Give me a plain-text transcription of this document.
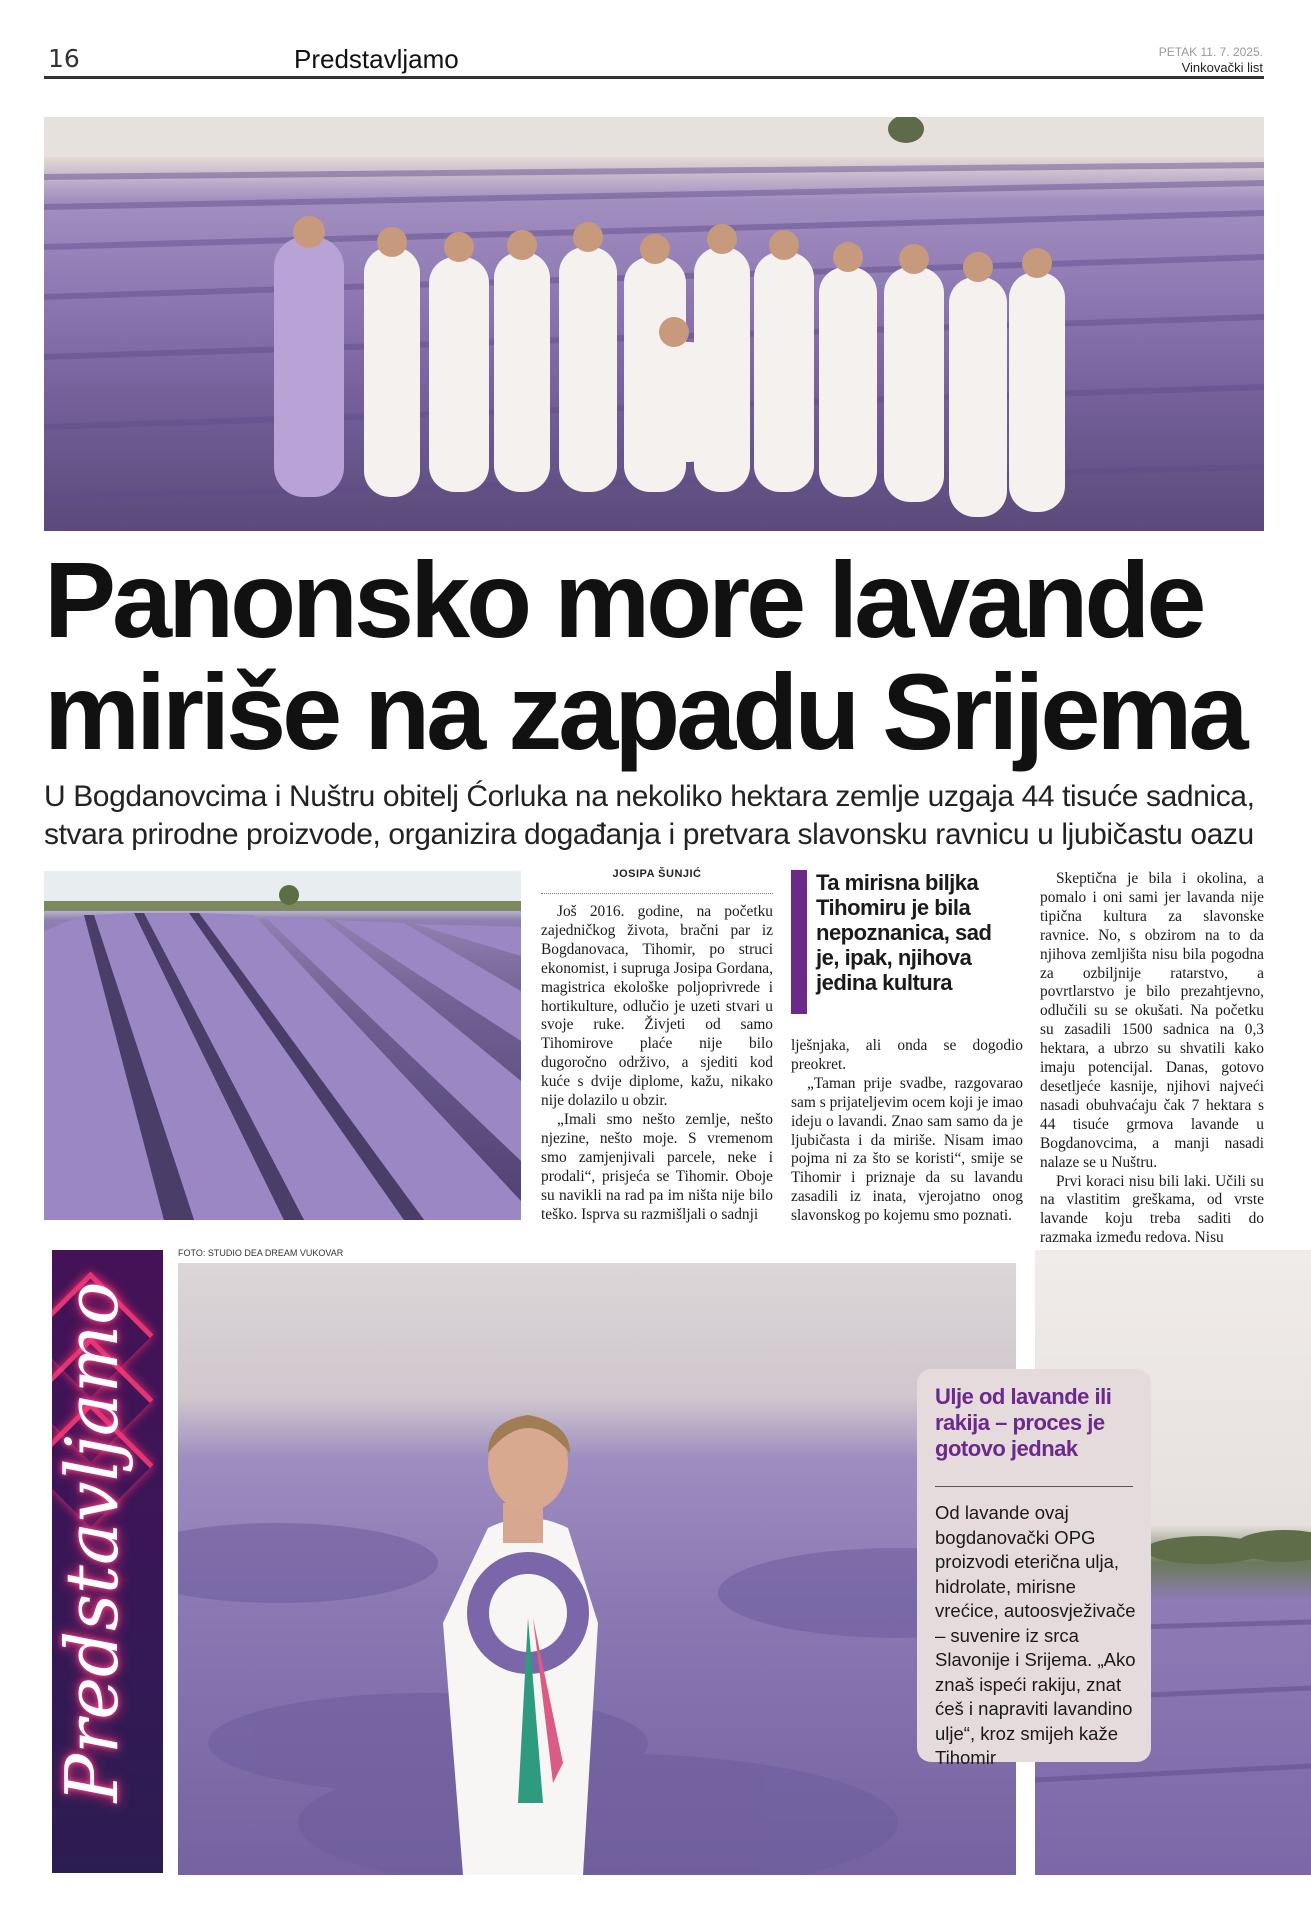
16	Predstavljamo	PETAK 11. 7. 2025.
Vinkovački list
Panonsko more lavande miriše na zapadu Srijema

U Bogdanovcima i Nuštru obitelj Ćorluka na nekoliko hektara zemlje uzgaja 44 tisuće sadnica, stvara prirodne proizvode, organizira događanja i pretvara slavonsku ravnicu u ljubičastu oazu

JOSIPA ŠUNJIĆ

Još 2016. godine, na početku zajedničkog života, bračni par iz Bogdanovaca, Tihomir, po struci ekonomist, i supruga Josipa Gordana, magistrica ekološke poljoprivrede i hortikulture, odlučio je uzeti stvari u svoje ruke. Živjeti od samo Tihomirove plaće nije bilo dugoročno održivo, a sjediti kod kuće s dvije diplome, kažu, nikako nije dolazilo u obzir.

„Imali smo nešto zemlje, nešto njezine, nešto moje. S vremenom smo zamjenjivali parcele, neke i prodali“, prisjeća se Tihomir. Oboje su navikli na rad pa im ništa nije bilo teško. Isprva su razmišljali o sadnji

Ta mirisna biljka Tihomiru je bila nepoznanica, sad je, ipak, njihova jedina kultura

lješnjaka, ali onda se dogodio preokret.

„Taman prije svadbe, razgovarao sam s prijateljevim ocem koji je imao ideju o lavandi. Znao sam samo da je ljubičasta i da miriše. Nisam imao pojma ni za što se koristi“, smije se Tihomir i priznaje da su lavandu zasadili iz inata, vjerojatno onog slavonskog po kojemu smo poznati.

Skeptična je bila i okolina, a pomalo i oni sami jer lavanda nije tipična kultura za slavonske ravnice. No, s obzirom na to da njihova zemljišta nisu bila pogodna za ozbiljnije ratarstvo, a povrtlarstvo je bilo prezahtjevno, odlučili su se okušati. Na početku su zasadili 1500 sadnica na 0,3 hektara, a ubrzo su shvatili kako imaju potencijal. Danas, gotovo desetljeće kasnije, njihovi najveći nasadi obuhvaćaju čak 7 hektara s 44 tisuće grmova lavande u Bogdanovcima, a manji nasadi nalaze se u Nuštru.

Prvi koraci nisu bili laki. Učili su na vlastitim greškama, od vrste lavande koju treba saditi do razmaka između redova. Nisu

FOTO: STUDIO DEA DREAM VUKOVAR
Predstavljamo	Ulje od lavande ili rakija – proces je gotovo jednak

Od lavande ovaj bogdanovački OPG proizvodi eterična ulja, hidrolate, mirisne vrećice, autoosvježivače – suvenire iz srca Slavonije i Srijema. „Ako znaš ispeći rakiju, znat ćeš i napraviti lavandino ulje“, kroz smijeh kaže Tihomir
